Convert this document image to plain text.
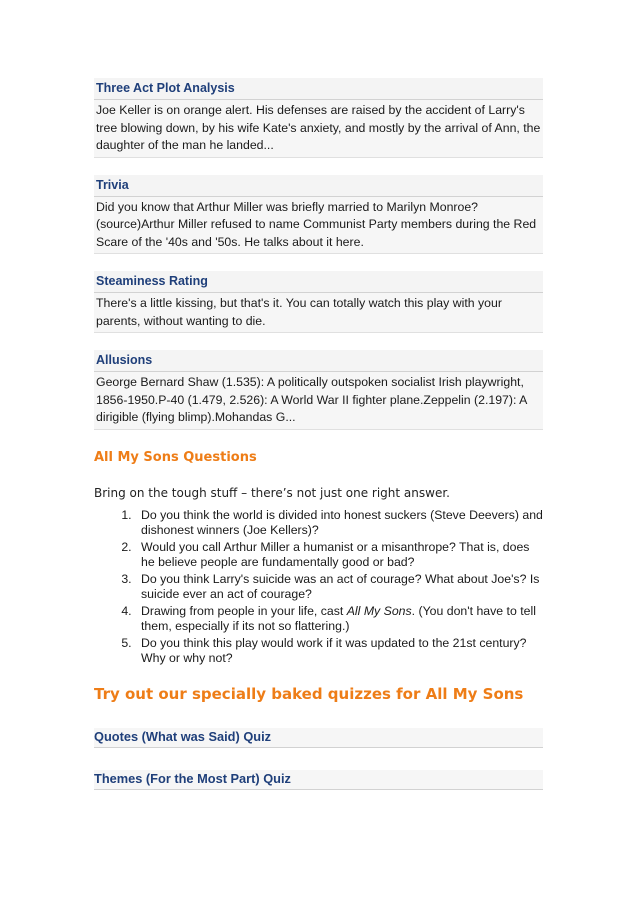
Three Act Plot Analysis
Joe Keller is on orange alert. His defenses are raised by the accident of Larry's tree blowing down, by his wife Kate's anxiety, and mostly by the arrival of Ann, the daughter of the man he landed...
Trivia
Did you know that Arthur Miller was briefly married to Marilyn Monroe? (source)Arthur Miller refused to name Communist Party members during the Red Scare of the '40s and '50s. He talks about it here.
Steaminess Rating
There's a little kissing, but that's it. You can totally watch this play with your parents, without wanting to die.
Allusions
George Bernard Shaw (1.535): A politically outspoken socialist Irish playwright, 1856-1950.P-40 (1.479, 2.526): A World War II fighter plane.Zeppelin (2.197): A dirigible (flying blimp).Mohandas G...
All My Sons Questions
Bring on the tough stuff – there’s not just one right answer.
1. Do you think the world is divided into honest suckers (Steve Deevers) and dishonest winners (Joe Kellers)?
2. Would you call Arthur Miller a humanist or a misanthrope? That is, does he believe people are fundamentally good or bad?
3. Do you think Larry's suicide was an act of courage? What about Joe's? Is suicide ever an act of courage?
4. Drawing from people in your life, cast All My Sons. (You don't have to tell them, especially if its not so flattering.)
5. Do you think this play would work if it was updated to the 21st century? Why or why not?
Try out our specially baked quizzes for All My Sons
Quotes (What was Said) Quiz
Themes (For the Most Part) Quiz
